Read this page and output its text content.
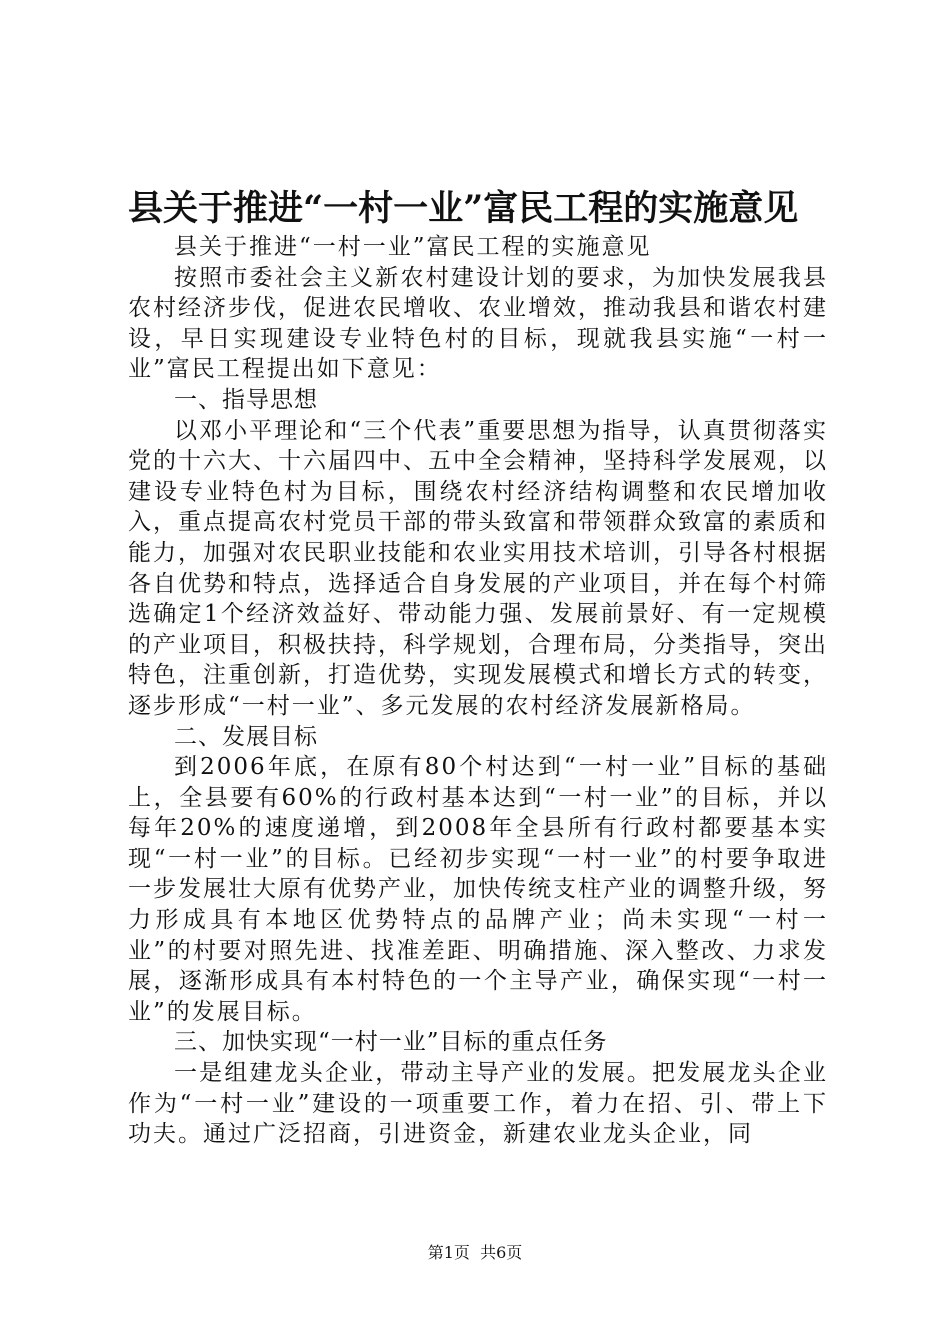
县关于推进“一村一业”富民工程的实施意见

县关于推进“一村一业”富民工程的实施意见

按照市委社会主义新农村建设计划的要求，为加快发展我县农村经济步伐，促进农民增收、农业增效，推动我县和谐农村建设，早日实现建设专业特色村的目标，现就我县实施“一村一业”富民工程提出如下意见：

一、指导思想

以邓小平理论和“三个代表”重要思想为指导，认真贯彻落实党的十六大、十六届四中、五中全会精神，坚持科学发展观，以建设专业特色村为目标，围绕农村经济结构调整和农民增加收入，重点提高农村党员干部的带头致富和带领群众致富的素质和能力，加强对农民职业技能和农业实用技术培训，引导各村根据各自优势和特点，选择适合自身发展的产业项目，并在每个村筛选确定1个经济效益好、带动能力强、发展前景好、有一定规模的产业项目，积极扶持，科学规划，合理布局，分类指导，突出特色，注重创新，打造优势，实现发展模式和增长方式的转变，逐步形成“一村一业”、多元发展的农村经济发展新格局。

二、发展目标

到2006年底，在原有80个村达到“一村一业”目标的基础上，全县要有60%的行政村基本达到“一村一业”的目标，并以每年20%的速度递增，到2008年全县所有行政村都要基本实现“一村一业”的目标。已经初步实现“一村一业”的村要争取进一步发展壮大原有优势产业，加快传统支柱产业的调整升级，努力形成具有本地区优势特点的品牌产业；尚未实现“一村一业”的村要对照先进、找准差距、明确措施、深入整改、力求发展，逐渐形成具有本村特色的一个主导产业，确保实现“一村一业”的发展目标。

三、加快实现“一村一业”目标的重点任务

一是组建龙头企业，带动主导产业的发展。把发展龙头企业作为“一村一业”建设的一项重要工作，着力在招、引、带上下功夫。通过广泛招商，引进资金，新建农业龙头企业，同

第1页 共6页
